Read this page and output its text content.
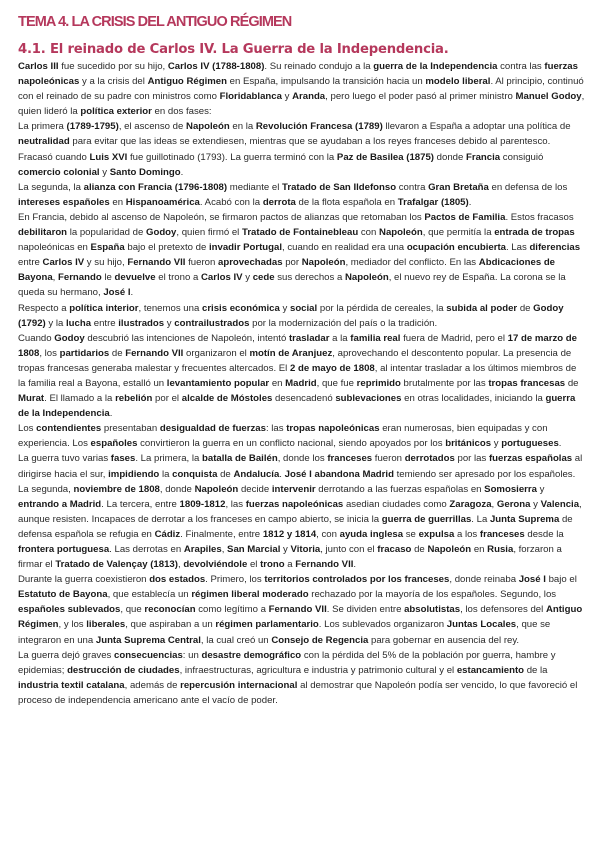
TEMA 4. LA CRISIS DEL ANTIGUO RÉGIMEN
4.1. El reinado de Carlos IV. La Guerra de la Independencia.

Carlos III fue sucedido por su hijo, Carlos IV (1788-1808). Su reinado condujo a la guerra de la Independencia contra las fuerzas napoleónicas y a la crisis del Antiguo Régimen en España, impulsando la transición hacia un modelo liberal. Al principio, continuó con el reinado de su padre con ministros como Floridablanca y Aranda, pero luego el poder pasó al primer ministro Manuel Godoy, quien lideró la política exterior en dos fases:

La primera (1789-1795), el ascenso de Napoleón en la Revolución Francesa (1789) llevaron a España a adoptar una política de neutralidad para evitar que las ideas se extendiesen, mientras que se ayudaban a los reyes franceses debido al parentesco. Fracasó cuando Luis XVI fue guillotinado (1793). La guerra terminó con la Paz de Basilea (1875) donde Francia consiguió comercio colonial y Santo Domingo.

La segunda, la alianza con Francia (1796-1808) mediante el Tratado de San Ildefonso contra Gran Bretaña en defensa de los intereses españoles en Hispanoamérica. Acabó con la derrota de la flota española en Trafalgar (1805).

En Francia, debido al ascenso de Napoleón, se firmaron pactos de alianzas que retomaban los Pactos de Familia. Estos fracasos debilitaron la popularidad de Godoy, quien firmó el Tratado de Fontainebleau con Napoleón, que permitía la entrada de tropas napoleónicas en España bajo el pretexto de invadir Portugal, cuando en realidad era una ocupación encubierta. Las diferencias entre Carlos IV y su hijo, Fernando VII fueron aprovechadas por Napoleón, mediador del conflicto. En las Abdicaciones de Bayona, Fernando le devuelve el trono a Carlos IV y cede sus derechos a Napoleón, el nuevo rey de España. La corona se la queda su hermano, José I.

Respecto a política interior, tenemos una crisis económica y social por la pérdida de cereales, la subida al poder de Godoy (1792) y la lucha entre ilustrados y contrailustrados por la modernización del país o la tradición.

Cuando Godoy descubrió las intenciones de Napoleón, intentó trasladar a la familia real fuera de Madrid, pero el 17 de marzo de 1808, los partidarios de Fernando VII organizaron el motín de Aranjuez, aprovechando el descontento popular. La presencia de tropas francesas generaba malestar y frecuentes altercados. El 2 de mayo de 1808, al intentar trasladar a los últimos miembros de la familia real a Bayona, estalló un levantamiento popular en Madrid, que fue reprimido brutalmente por las tropas francesas de Murat. El llamado a la rebelión por el alcalde de Móstoles desencadenó sublevaciones en otras localidades, iniciando la guerra de la Independencia.

Los contendientes presentaban desigualdad de fuerzas: las tropas napoleónicas eran numerosas, bien equipadas y con experiencia. Los españoles convirtieron la guerra en un conflicto nacional, siendo apoyados por los británicos y portugueses.

La guerra tuvo varias fases. La primera, la batalla de Bailén, donde los franceses fueron derrotados por las fuerzas españolas al dirigirse hacia el sur, impidiendo la conquista de Andalucía. José I abandona Madrid temiendo ser apresado por los españoles. La segunda, noviembre de 1808, donde Napoleón decide intervenir derrotando a las fuerzas españolas en Somosierra y entrando a Madrid. La tercera, entre 1809-1812, las fuerzas napoleónicas asedian ciudades como Zaragoza, Gerona y Valencia, aunque resisten. Incapaces de derrotar a los franceses en campo abierto, se inicia la guerra de guerrillas. La Junta Suprema de defensa española se refugia en Cádiz. Finalmente, entre 1812 y 1814, con ayuda inglesa se expulsa a los franceses desde la frontera portuguesa. Las derrotas en Arapiles, San Marcial y Vitoria, junto con el fracaso de Napoleón en Rusia, forzaron a firmar el Tratado de Valençay (1813), devolviéndole el trono a Fernando VII.

Durante la guerra coexistieron dos estados. Primero, los territorios controlados por los franceses, donde reinaba José I bajo el Estatuto de Bayona, que establecía un régimen liberal moderado rechazado por la mayoría de los españoles. Segundo, los españoles sublevados, que reconocían como legítimo a Fernando VII. Se dividen entre absolutistas, los defensores del Antiguo Régimen, y los liberales, que aspiraban a un régimen parlamentario. Los sublevados organizaron Juntas Locales, que se integraron en una Junta Suprema Central, la cual creó un Consejo de Regencia para gobernar en ausencia del rey.

La guerra dejó graves consecuencias: un desastre demográfico con la pérdida del 5% de la población por guerra, hambre y epidemias; destrucción de ciudades, infraestructuras, agricultura e industria y patrimonio cultural y el estancamiento de la industria textil catalana, además de repercusión internacional al demostrar que Napoleón podía ser vencido, lo que favoreció el proceso de independencia americano ante el vacío de poder.
